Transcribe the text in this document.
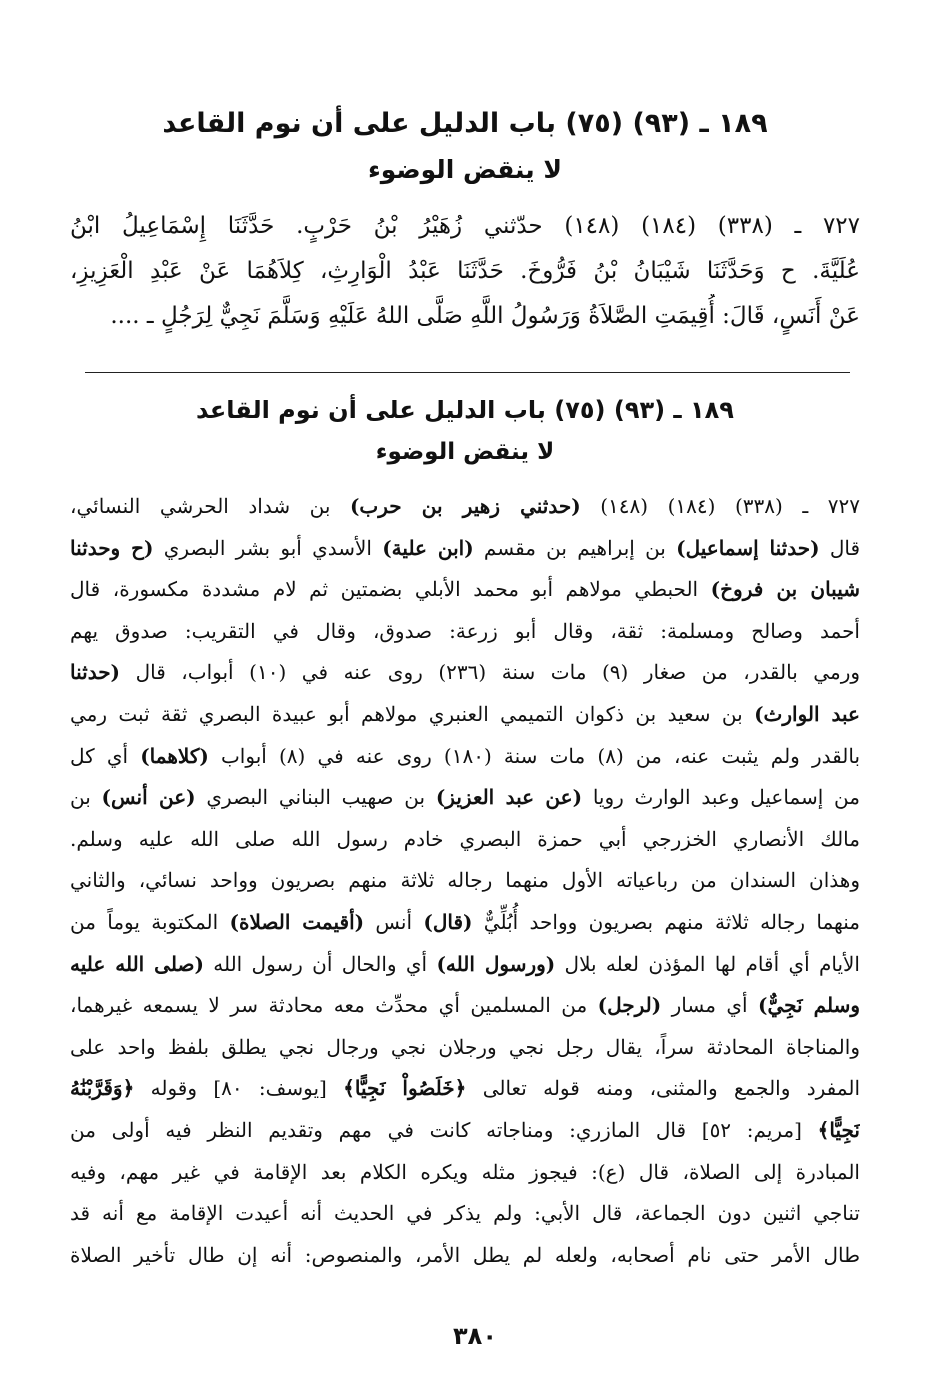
١٨٩ ـ (٩٣) (٧٥) باب الدليل على أن نوم القاعد
لا ينقض الوضوء
٧٢٧ ـ (٣٣٨) (١٨٤) (١٤٨) حدّثني زُهَيْرُ بْنُ حَرْبٍ. حَدَّثَنَا إِسْمَاعِيلُ ابْنُ
عُلَيَّةَ. ح وَحَدَّثَنَا شَيْبَانُ بْنُ فَرُّوخَ. حَدَّثَنَا عَبْدُ الْوَارِثِ، كِلاَهُمَا عَنْ عَبْدِ الْعَزِيزِ،
عَنْ أَنَسٍ، قَالَ: أُقِيمَتِ الصَّلاَةُ وَرَسُولُ اللَّهِ صَلَّى اللهُ عَلَيْهِ وَسَلَّمَ نَجِيٌّ لِرَجُلٍ ـ ....
١٨٩ ـ (٩٣) (٧٥) باب الدليل على أن نوم القاعد
لا ينقض الوضوء
٧٢٧ ـ (٣٣٨) (١٨٤) (١٤٨) (حدثني زهير بن حرب) بن شداد الحرشي النسائي،
قال (حدثنا إسماعيل) بن إبراهيم بن مقسم (ابن علية) الأسدي أبو بشر البصري (ح وحدثنا
شيبان بن فروخ) الحبطي مولاهم أبو محمد الأبلي بضمتين ثم لام مشددة مكسورة، قال
أحمد وصالح ومسلمة: ثقة، وقال أبو زرعة: صدوق، وقال في التقريب: صدوق يهم
ورمي بالقدر، من صغار (٩) مات سنة (٢٣٦) روى عنه في (١٠) أبواب، قال (حدثنا
عبد الوارث) بن سعيد بن ذكوان التميمي العنبري مولاهم أبو عبيدة البصري ثقة ثبت رمي
بالقدر ولم يثبت عنه، من (٨) مات سنة (١٨٠) روى عنه في (٨) أبواب (كلاهما) أي كل
من إسماعيل وعبد الوارث رويا (عن عبد العزيز) بن صهيب البناني البصري (عن أنس) بن
مالك الأنصاري الخزرجي أبي حمزة البصري خادم رسول الله صلى الله عليه وسلم.
وهذان السندان من رباعياته الأول منهما رجاله ثلاثة منهم بصريون وواحد نسائي، والثاني
منهما رجاله ثلاثة منهم بصريون وواحد أُبُلِّيٌّ (قال) أنس (أقيمت الصلاة) المكتوبة يوماً من
الأيام أي أقام لها المؤذن لعله بلال (ورسول الله) أي والحال أن رسول الله (صلى الله عليه
وسلم نَجِيٌّ) أي مسار (لرجل) من المسلمين أي محدِّث معه محادثة سر لا يسمعه غيرهما،
والمناجاة المحادثة سراً، يقال رجل نجي ورجلان نجي ورجال نجي يطلق بلفظ واحد على
المفرد والجمع والمثنى، ومنه قوله تعالى ﴿خَلَصُواْ نَجِيًّا﴾ [يوسف: ٨٠] وقوله ﴿وَقَرَّبْنَٰهُ
نَجِيًّا﴾ [مريم: ٥٢] قال المازري: ومناجاته كانت في مهم وتقديم النظر فيه أولى من
المبادرة إلى الصلاة، قال (ع): فيجوز مثله ويكره الكلام بعد الإقامة في غير مهم، وفيه
تناجي اثنين دون الجماعة، قال الأبي: ولم يذكر في الحديث أنه أعيدت الإقامة مع أنه قد
طال الأمر حتى نام أصحابه، ولعله لم يطل الأمر، والمنصوص: أنه إن طال تأخير الصلاة
٣٨٠
